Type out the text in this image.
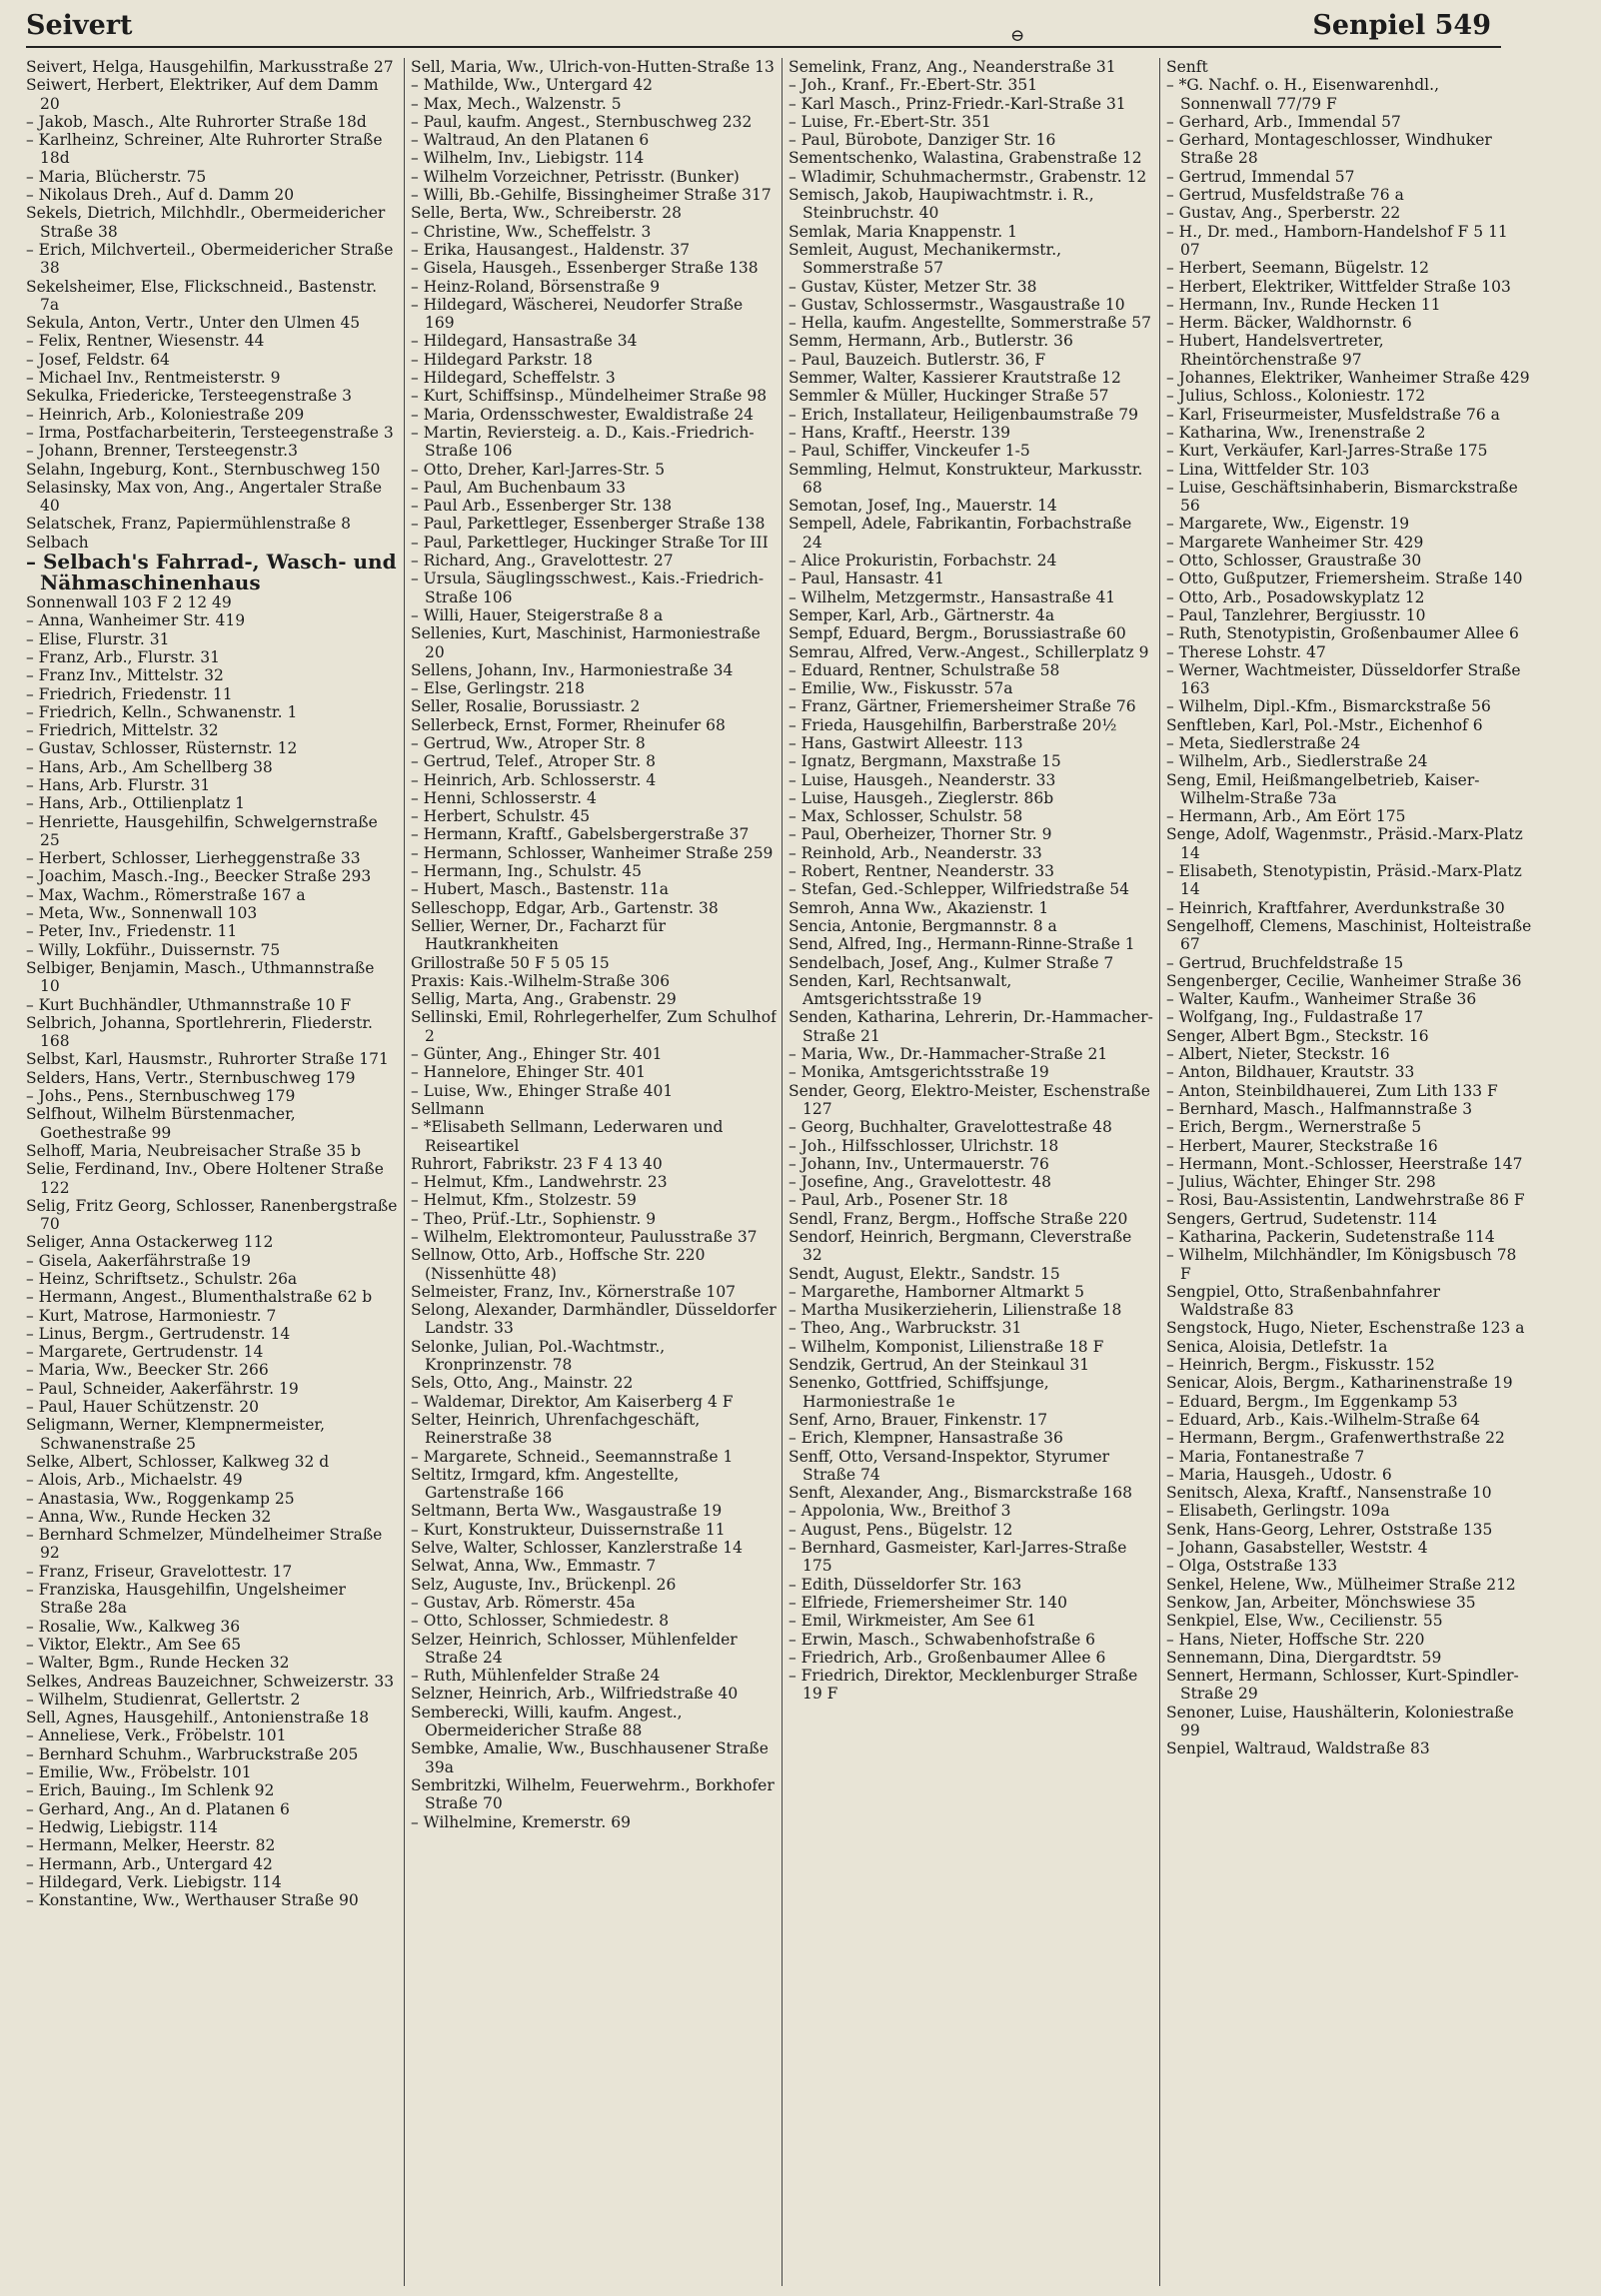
Seivert	⊖	Senpiel 549

Seivert, Helga, Hausgehilfin, Markusstraße 27

Seiwert, Herbert, Elektriker, Auf dem Damm 20

– Jakob, Masch., Alte Ruhrorter Straße 18d

– Karlheinz, Schreiner, Alte Ruhrorter Straße 18d

– Maria, Blücherstr. 75

– Nikolaus Dreh., Auf d. Damm 20

Sekels, Dietrich, Milchhdlr., Obermeidericher Straße 38

– Erich, Milchverteil., Obermeidericher Straße 38

Sekelsheimer, Else, Flickschneid., Bastenstr. 7a

Sekula, Anton, Vertr., Unter den Ulmen 45

– Felix, Rentner, Wiesenstr. 44

– Josef, Feldstr. 64

– Michael Inv., Rentmeisterstr. 9

Sekulka, Friedericke, Tersteegenstraße 3

– Heinrich, Arb., Koloniestraße 209

– Irma, Postfacharbeiterin, Tersteegenstraße 3

– Johann, Brenner, Tersteegenstr.3

Selahn, Ingeburg, Kont., Sternbuschweg 150

Selasinsky, Max von, Ang., Angertaler Straße 40

Selatschek, Franz, Papiermühlenstraße 8

Selbach

– Selbach's Fahrrad-, Wasch- und Nähmaschinenhaus

Sonnenwall 103 F 2 12 49

– Anna, Wanheimer Str. 419

– Elise, Flurstr. 31

– Franz, Arb., Flurstr. 31

– Franz Inv., Mittelstr. 32

– Friedrich, Friedenstr. 11

– Friedrich, Kelln., Schwanenstr. 1

– Friedrich, Mittelstr. 32

– Gustav, Schlosser, Rüsternstr. 12

– Hans, Arb., Am Schellberg 38

– Hans, Arb. Flurstr. 31

– Hans, Arb., Ottilienplatz 1

– Henriette, Hausgehilfin, Schwelgernstraße 25

– Herbert, Schlosser, Lierheggenstraße 33

– Joachim, Masch.-Ing., Beecker Straße 293

– Max, Wachm., Römerstraße 167 a

– Meta, Ww., Sonnenwall 103

– Peter, Inv., Friedenstr. 11

– Willy, Lokführ., Duissernstr. 75

Selbiger, Benjamin, Masch., Uthmannstraße 10

– Kurt Buchhändler, Uthmannstraße 10 F

Selbrich, Johanna, Sportlehrerin, Fliederstr. 168

Selbst, Karl, Hausmstr., Ruhrorter Straße 171

Selders, Hans, Vertr., Sternbuschweg 179

– Johs., Pens., Sternbuschweg 179

Selfhout, Wilhelm Bürstenmacher, Goethestraße 99

Selhoff, Maria, Neubreisacher Straße 35 b

Selie, Ferdinand, Inv., Obere Holtener Straße 122

Selig, Fritz Georg, Schlosser, Ranenbergstraße 70

Seliger, Anna Ostackerweg 112

– Gisela, Aakerfährstraße 19

– Heinz, Schriftsetz., Schulstr. 26a

– Hermann, Angest., Blumenthalstraße 62 b

– Kurt, Matrose, Harmoniestr. 7

– Linus, Bergm., Gertrudenstr. 14

– Margarete, Gertrudenstr. 14

– Maria, Ww., Beecker Str. 266

– Paul, Schneider, Aakerfährstr. 19

– Paul, Hauer Schützenstr. 20

Seligmann, Werner, Klempnermeister, Schwanenstraße 25

Selke, Albert, Schlosser, Kalkweg 32 d

– Alois, Arb., Michaelstr. 49

– Anastasia, Ww., Roggenkamp 25

– Anna, Ww., Runde Hecken 32

– Bernhard Schmelzer, Mündelheimer Straße 92

– Franz, Friseur, Gravelottestr. 17

– Franziska, Hausgehilfin, Ungelsheimer Straße 28a

– Rosalie, Ww., Kalkweg 36

– Viktor, Elektr., Am See 65

– Walter, Bgm., Runde Hecken 32

Selkes, Andreas Bauzeichner, Schweizerstr. 33

– Wilhelm, Studienrat, Gellertstr. 2

Sell, Agnes, Hausgehilf., Antonienstraße 18

– Anneliese, Verk., Fröbelstr. 101

– Bernhard Schuhm., Warbruckstraße 205

– Emilie, Ww., Fröbelstr. 101

– Erich, Bauing., Im Schlenk 92

– Gerhard, Ang., An d. Platanen 6

– Hedwig, Liebigstr. 114

– Hermann, Melker, Heerstr. 82

– Hermann, Arb., Untergard 42

– Hildegard, Verk. Liebigstr. 114

– Konstantine, Ww., Werthauser Straße 90

Sell, Maria, Ww., Ulrich-von-Hutten-Straße 13

– Mathilde, Ww., Untergard 42

– Max, Mech., Walzenstr. 5

– Paul, kaufm. Angest., Sternbuschweg 232

– Waltraud, An den Platanen 6

– Wilhelm, Inv., Liebigstr. 114

– Wilhelm Vorzeichner, Petrisstr. (Bunker)

– Willi, Bb.-Gehilfe, Bissingheimer Straße 317

Selle, Berta, Ww., Schreiberstr. 28

– Christine, Ww., Scheffelstr. 3

– Erika, Hausangest., Haldenstr. 37

– Gisela, Hausgeh., Essenberger Straße 138

– Heinz-Roland, Börsenstraße 9

– Hildegard, Wäscherei, Neudorfer Straße 169

– Hildegard, Hansastraße 34

– Hildegard Parkstr. 18

– Hildegard, Scheffelstr. 3

– Kurt, Schiffsinsp., Mündelheimer Straße 98

– Maria, Ordensschwester, Ewaldistraße 24

– Martin, Reviersteig. a. D., Kais.-Friedrich-Straße 106

– Otto, Dreher, Karl-Jarres-Str. 5

– Paul, Am Buchenbaum 33

– Paul Arb., Essenberger Str. 138

– Paul, Parkettleger, Essenberger Straße 138

– Paul, Parkettleger, Huckinger Straße Tor III

– Richard, Ang., Gravelottestr. 27

– Ursula, Säuglingsschwest., Kais.-Friedrich-Straße 106

– Willi, Hauer, Steigerstraße 8 a

Sellenies, Kurt, Maschinist, Harmoniestraße 20

Sellens, Johann, Inv., Harmoniestraße 34

– Else, Gerlingstr. 218

Seller, Rosalie, Borussiastr. 2

Sellerbeck, Ernst, Former, Rheinufer 68

– Gertrud, Ww., Atroper Str. 8

– Gertrud, Telef., Atroper Str. 8

– Heinrich, Arb. Schlosserstr. 4

– Henni, Schlosserstr. 4

– Herbert, Schulstr. 45

– Hermann, Kraftf., Gabelsbergerstraße 37

– Hermann, Schlosser, Wanheimer Straße 259

– Hermann, Ing., Schulstr. 45

– Hubert, Masch., Bastenstr. 11a

Selleschopp, Edgar, Arb., Gartenstr. 38

Sellier, Werner, Dr., Facharzt für Hautkrankheiten

Grillostraße 50 F 5 05 15

Praxis: Kais.-Wilhelm-Straße 306

Sellig, Marta, Ang., Grabenstr. 29

Sellinski, Emil, Rohrlegerhelfer, Zum Schulhof 2

– Günter, Ang., Ehinger Str. 401

– Hannelore, Ehinger Str. 401

– Luise, Ww., Ehinger Straße 401

Sellmann

– *Elisabeth Sellmann, Lederwaren und Reiseartikel

Ruhrort, Fabrikstr. 23 F 4 13 40

– Helmut, Kfm., Landwehrstr. 23

– Helmut, Kfm., Stolzestr. 59

– Theo, Prüf.-Ltr., Sophienstr. 9

– Wilhelm, Elektromonteur, Paulusstraße 37

Sellnow, Otto, Arb., Hoffsche Str. 220 (Nissenhütte 48)

Selmeister, Franz, Inv., Körnerstraße 107

Selong, Alexander, Darmhändler, Düsseldorfer Landstr. 33

Selonke, Julian, Pol.-Wachtmstr., Kronprinzenstr. 78

Sels, Otto, Ang., Mainstr. 22

– Waldemar, Direktor, Am Kaiserberg 4 F

Selter, Heinrich, Uhrenfachgeschäft, Reinerstraße 38

– Margarete, Schneid., Seemannstraße 1

Seltitz, Irmgard, kfm. Angestellte, Gartenstraße 166

Seltmann, Berta Ww., Wasgaustraße 19

– Kurt, Konstrukteur, Duissernstraße 11

Selve, Walter, Schlosser, Kanzlerstraße 14

Selwat, Anna, Ww., Emmastr. 7

Selz, Auguste, Inv., Brückenpl. 26

– Gustav, Arb. Römerstr. 45a

– Otto, Schlosser, Schmiedestr. 8

Selzer, Heinrich, Schlosser, Mühlenfelder Straße 24

– Ruth, Mühlenfelder Straße 24

Selzner, Heinrich, Arb., Wilfriedstraße 40

Semberecki, Willi, kaufm. Angest., Obermeidericher Straße 88

Sembke, Amalie, Ww., Buschhausener Straße 39a

Sembritzki, Wilhelm, Feuerwehrm., Borkhofer Straße 70

– Wilhelmine, Kremerstr. 69

Semelink, Franz, Ang., Neanderstraße 31

– Joh., Kranf., Fr.-Ebert-Str. 351

– Karl Masch., Prinz-Friedr.-Karl-Straße 31

– Luise, Fr.-Ebert-Str. 351

– Paul, Bürobote, Danziger Str. 16

Sementschenko, Walastina, Grabenstraße 12

– Wladimir, Schuhmachermstr., Grabenstr. 12

Semisch, Jakob, Haupiwachtmstr. i. R., Steinbruchstr. 40

Semlak, Maria Knappenstr. 1

Semleit, August, Mechanikermstr., Sommerstraße 57

– Gustav, Küster, Metzer Str. 38

– Gustav, Schlossermstr., Wasgaustraße 10

– Hella, kaufm. Angestellte, Sommerstraße 57

Semm, Hermann, Arb., Butlerstr. 36

– Paul, Bauzeich. Butlerstr. 36, F

Semmer, Walter, Kassierer Krautstraße 12

Semmler & Müller, Huckinger Straße 57

– Erich, Installateur, Heiligenbaumstraße 79

– Hans, Kraftf., Heerstr. 139

– Paul, Schiffer, Vinckeufer 1-5

Semmling, Helmut, Konstrukteur, Markusstr. 68

Semotan, Josef, Ing., Mauerstr. 14

Sempell, Adele, Fabrikantin, Forbachstraße 24

– Alice Prokuristin, Forbachstr. 24

– Paul, Hansastr. 41

– Wilhelm, Metzgermstr., Hansastraße 41

Semper, Karl, Arb., Gärtnerstr. 4a

Sempf, Eduard, Bergm., Borussiastraße 60

Semrau, Alfred, Verw.-Angest., Schillerplatz 9

– Eduard, Rentner, Schulstraße 58

– Emilie, Ww., Fiskusstr. 57a

– Franz, Gärtner, Friemersheimer Straße 76

– Frieda, Hausgehilfin, Barberstraße 20½

– Hans, Gastwirt Alleestr. 113

– Ignatz, Bergmann, Maxstraße 15

– Luise, Hausgeh., Neanderstr. 33

– Luise, Hausgeh., Zieglerstr. 86b

– Max, Schlosser, Schulstr. 58

– Paul, Oberheizer, Thorner Str. 9

– Reinhold, Arb., Neanderstr. 33

– Robert, Rentner, Neanderstr. 33

– Stefan, Ged.-Schlepper, Wilfriedstraße 54

Semroh, Anna Ww., Akazienstr. 1

Sencia, Antonie, Bergmannstr. 8 a

Send, Alfred, Ing., Hermann-Rinne-Straße 1

Sendelbach, Josef, Ang., Kulmer Straße 7

Senden, Karl, Rechtsanwalt, Amtsgerichtsstraße 19

Senden, Katharina, Lehrerin, Dr.-Hammacher-Straße 21

– Maria, Ww., Dr.-Hammacher-Straße 21

– Monika, Amtsgerichtsstraße 19

Sender, Georg, Elektro-Meister, Eschenstraße 127

– Georg, Buchhalter, Gravelottestraße 48

– Joh., Hilfsschlosser, Ulrichstr. 18

– Johann, Inv., Untermauerstr. 76

– Josefine, Ang., Gravelottestr. 48

– Paul, Arb., Posener Str. 18

Sendl, Franz, Bergm., Hoffsche Straße 220

Sendorf, Heinrich, Bergmann, Cleverstraße 32

Sendt, August, Elektr., Sandstr. 15

– Margarethe, Hamborner Altmarkt 5

– Martha Musikerzieherin, Lilienstraße 18

– Theo, Ang., Warbruckstr. 31

– Wilhelm, Komponist, Lilienstraße 18 F

Sendzik, Gertrud, An der Steinkaul 31

Senenko, Gottfried, Schiffsjunge, Harmoniestraße 1e

Senf, Arno, Brauer, Finkenstr. 17

– Erich, Klempner, Hansastraße 36

Senff, Otto, Versand-Inspektor, Styrumer Straße 74

Senft, Alexander, Ang., Bismarckstraße 168

– Appolonia, Ww., Breithof 3

– August, Pens., Bügelstr. 12

– Bernhard, Gasmeister, Karl-Jarres-Straße 175

– Edith, Düsseldorfer Str. 163

– Elfriede, Friemersheimer Str. 140

– Emil, Wirkmeister, Am See 61

– Erwin, Masch., Schwabenhofstraße 6

– Friedrich, Arb., Großenbaumer Allee 6

– Friedrich, Direktor, Mecklenburger Straße 19 F

Senft

– *G. Nachf. o. H., Eisenwarenhdl., Sonnenwall 77/79 F

– Gerhard, Arb., Immendal 57

– Gerhard, Montageschlosser, Windhuker Straße 28

– Gertrud, Immendal 57

– Gertrud, Musfeldstraße 76 a

– Gustav, Ang., Sperberstr. 22

– H., Dr. med., Hamborn-Handelshof F 5 11 07

– Herbert, Seemann, Bügelstr. 12

– Herbert, Elektriker, Wittfelder Straße 103

– Hermann, Inv., Runde Hecken 11

– Herm. Bäcker, Waldhornstr. 6

– Hubert, Handelsvertreter, Rheintörchenstraße 97

– Johannes, Elektriker, Wanheimer Straße 429

– Julius, Schloss., Koloniestr. 172

– Karl, Friseurmeister, Musfeldstraße 76 a

– Katharina, Ww., Irenenstraße 2

– Kurt, Verkäufer, Karl-Jarres-Straße 175

– Lina, Wittfelder Str. 103

– Luise, Geschäftsinhaberin, Bismarckstraße 56

– Margarete, Ww., Eigenstr. 19

– Margarete Wanheimer Str. 429

– Otto, Schlosser, Graustraße 30

– Otto, Gußputzer, Friemersheim. Straße 140

– Otto, Arb., Posadowskyplatz 12

– Paul, Tanzlehrer, Bergiusstr. 10

– Ruth, Stenotypistin, Großenbaumer Allee 6

– Therese Lohstr. 47

– Werner, Wachtmeister, Düsseldorfer Straße 163

– Wilhelm, Dipl.-Kfm., Bismarckstraße 56

Senftleben, Karl, Pol.-Mstr., Eichenhof 6

– Meta, Siedlerstraße 24

– Wilhelm, Arb., Siedlerstraße 24

Seng, Emil, Heißmangelbetrieb, Kaiser-Wilhelm-Straße 73a

– Hermann, Arb., Am Eört 175

Senge, Adolf, Wagenmstr., Präsid.-Marx-Platz 14

– Elisabeth, Stenotypistin, Präsid.-Marx-Platz 14

– Heinrich, Kraftfahrer, Averdunkstraße 30

Sengelhoff, Clemens, Maschinist, Holteistraße 67

– Gertrud, Bruchfeldstraße 15

Sengenberger, Cecilie, Wanheimer Straße 36

– Walter, Kaufm., Wanheimer Straße 36

– Wolfgang, Ing., Fuldastraße 17

Senger, Albert Bgm., Steckstr. 16

– Albert, Nieter, Steckstr. 16

– Anton, Bildhauer, Krautstr. 33

– Anton, Steinbildhauerei, Zum Lith 133 F

– Bernhard, Masch., Halfmannstraße 3

– Erich, Bergm., Wernerstraße 5

– Herbert, Maurer, Steckstraße 16

– Hermann, Mont.-Schlosser, Heerstraße 147

– Julius, Wächter, Ehinger Str. 298

– Rosi, Bau-Assistentin, Landwehrstraße 86 F

Sengers, Gertrud, Sudetenstr. 114

– Katharina, Packerin, Sudetenstraße 114

– Wilhelm, Milchhändler, Im Königsbusch 78 F

Sengpiel, Otto, Straßenbahnfahrer Waldstraße 83

Sengstock, Hugo, Nieter, Eschenstraße 123 a

Senica, Aloisia, Detlefstr. 1a

– Heinrich, Bergm., Fiskusstr. 152

Senicar, Alois, Bergm., Katharinenstraße 19

– Eduard, Bergm., Im Eggenkamp 53

– Eduard, Arb., Kais.-Wilhelm-Straße 64

– Hermann, Bergm., Grafenwerthstraße 22

– Maria, Fontanestraße 7

– Maria, Hausgeh., Udostr. 6

Senitsch, Alexa, Kraftf., Nansenstraße 10

– Elisabeth, Gerlingstr. 109a

Senk, Hans-Georg, Lehrer, Oststraße 135

– Johann, Gasabsteller, Weststr. 4

– Olga, Oststraße 133

Senkel, Helene, Ww., Mülheimer Straße 212

Senkow, Jan, Arbeiter, Mönchswiese 35

Senkpiel, Else, Ww., Cecilienstr. 55

– Hans, Nieter, Hoffsche Str. 220

Sennemann, Dina, Diergardtstr. 59

Sennert, Hermann, Schlosser, Kurt-Spindler-Straße 29

Senoner, Luise, Haushälterin, Koloniestraße 99

Senpiel, Waltraud, Waldstraße 83
